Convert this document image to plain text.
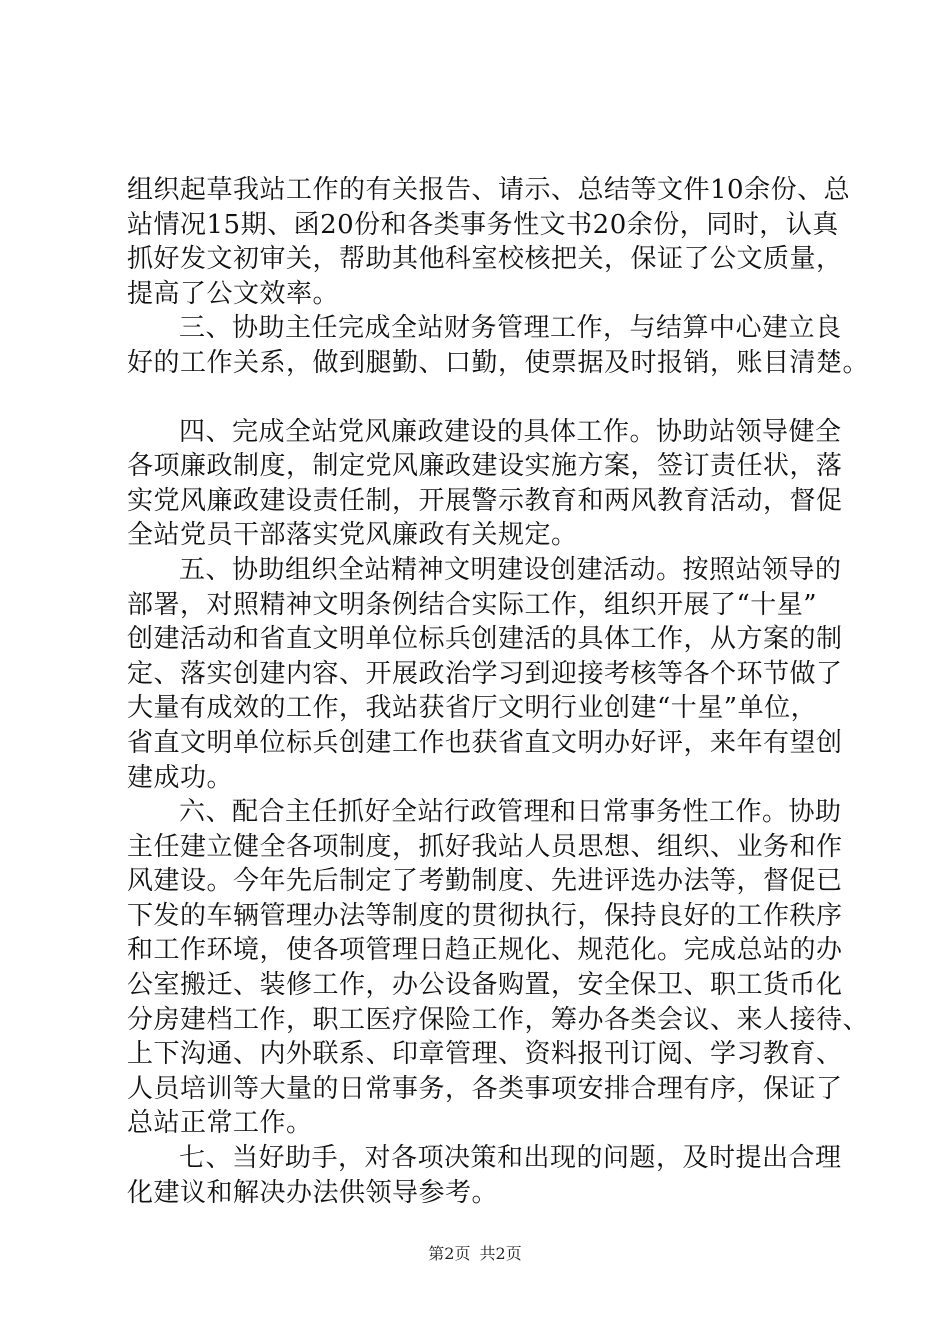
组织起草我站工作的有关报告、请示、总结等文件10余份、总
站情况15期、函20份和各类事务性文书20余份，同时，认真
抓好发文初审关，帮助其他科室校核把关，保证了公文质量，
提高了公文效率。
三、协助主任完成全站财务管理工作，与结算中心建立良
好的工作关系，做到腿勤、口勤，使票据及时报销，账目清楚。
四、完成全站党风廉政建设的具体工作。协助站领导健全
各项廉政制度，制定党风廉政建设实施方案，签订责任状，落
实党风廉政建设责任制，开展警示教育和两风教育活动，督促
全站党员干部落实党风廉政有关规定。
五、协助组织全站精神文明建设创建活动。按照站领导的
部署，对照精神文明条例结合实际工作，组织开展了“十星”
创建活动和省直文明单位标兵创建活的具体工作，从方案的制
定、落实创建内容、开展政治学习到迎接考核等各个环节做了
大量有成效的工作，我站获省厅文明行业创建“十星”单位，
省直文明单位标兵创建工作也获省直文明办好评，来年有望创
建成功。
六、配合主任抓好全站行政管理和日常事务性工作。协助
主任建立健全各项制度，抓好我站人员思想、组织、业务和作
风建设。今年先后制定了考勤制度、先进评选办法等，督促已
下发的车辆管理办法等制度的贯彻执行，保持良好的工作秩序
和工作环境，使各项管理日趋正规化、规范化。完成总站的办
公室搬迁、装修工作，办公设备购置，安全保卫、职工货币化
分房建档工作，职工医疗保险工作，筹办各类会议、来人接待、
上下沟通、内外联系、印章管理、资料报刊订阅、学习教育、
人员培训等大量的日常事务，各类事项安排合理有序，保证了
总站正常工作。
七、当好助手，对各项决策和出现的问题，及时提出合理
化建议和解决办法供领导参考。
第2页 共2页
